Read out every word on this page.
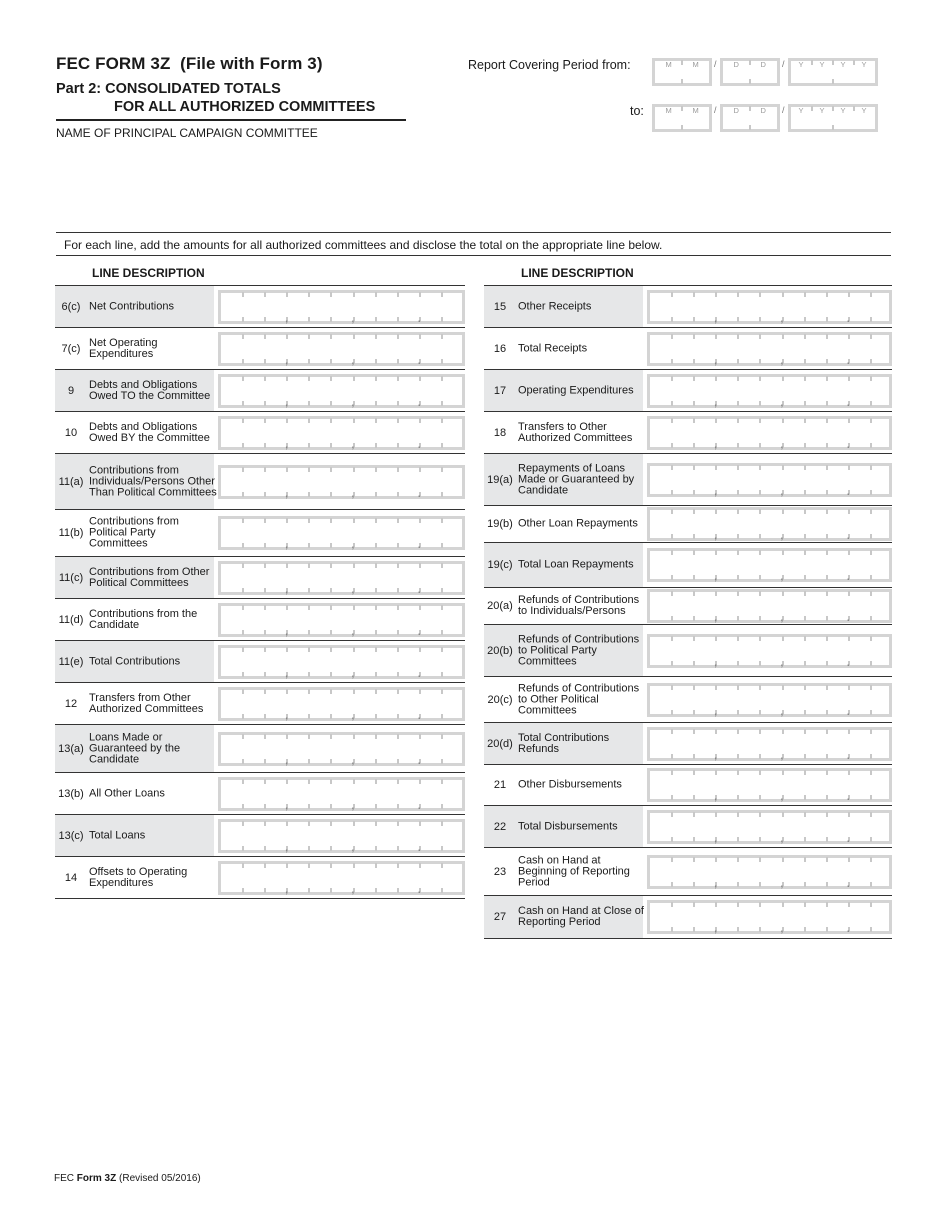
FEC FORM 3Z  (File with Form 3)
Part 2: CONSOLIDATED TOTALS
FOR ALL AUTHORIZED COMMITTEES
NAME OF PRINCIPAL CAMPAIGN COMMITTEE
Report Covering Period from:
to:
M	M / D	D / Y Y Y Y
M	M / D	D / Y Y Y Y
For each line, add the amounts for all authorized committees and disclose the total on the appropriate line below.
LINE DESCRIPTION	LINE DESCRIPTION
6(c) Net Contributions
,	,	.
7(c) Net Operating Expenditures
,	,	.
9	Debts and Obligations Owed TO the Committee
,	,	.
10	Debts and Obligations Owed BY the Committee
,	,	.
11(a)
Contributions from Individuals/Persons Other Than Political Committees	,	,	.
11(b)
Contributions from Political Party Committees	,	,	.
11(c) Contributions from Other Political Committees
,	,	.
11(d) Contributions from the Candidate
,	,	.
11(e) Total Contributions
,	,	.
12	Transfers from Other Authorized Committees
,	,	.
13(a)
Loans Made or Guaranteed by the Candidate	,	,	.
13(b) All Other Loans
,	,	.
13(c) Total Loans
,	,	.
14	Offsets to Operating Expenditures
,	,	.
15	Other Receipts
,	,	.
16	Total Receipts
,	,	.
17	Operating Expenditures
,	,	.
18	Transfers to Other Authorized Committees
,	,	.
19(a)
Repayments of Loans Made or Guaranteed by Candidate	,	,	.
19(b) Other Loan Repayments
,	,	.
19(c) Total Loan Repayments
,	,	.
20(a) Refunds of Contributions to Individuals/Persons
,	,	.
20(b)
Refunds of Contributions to Political Party Committees	,	,	.
20(c)
Refunds of Contributions to Other Political Committees	,	,	.
20(d) Total Contributions Refunds
,	,	.
21	Other Disbursements
,	,	.
22	Total Disbursements
,	,	.
23
Cash on Hand at Beginning of Reporting Period	,	,	.
27	Cash on Hand at Close of Reporting Period
,	,	.
FEC Form 3Z (Revised 05/2016)
